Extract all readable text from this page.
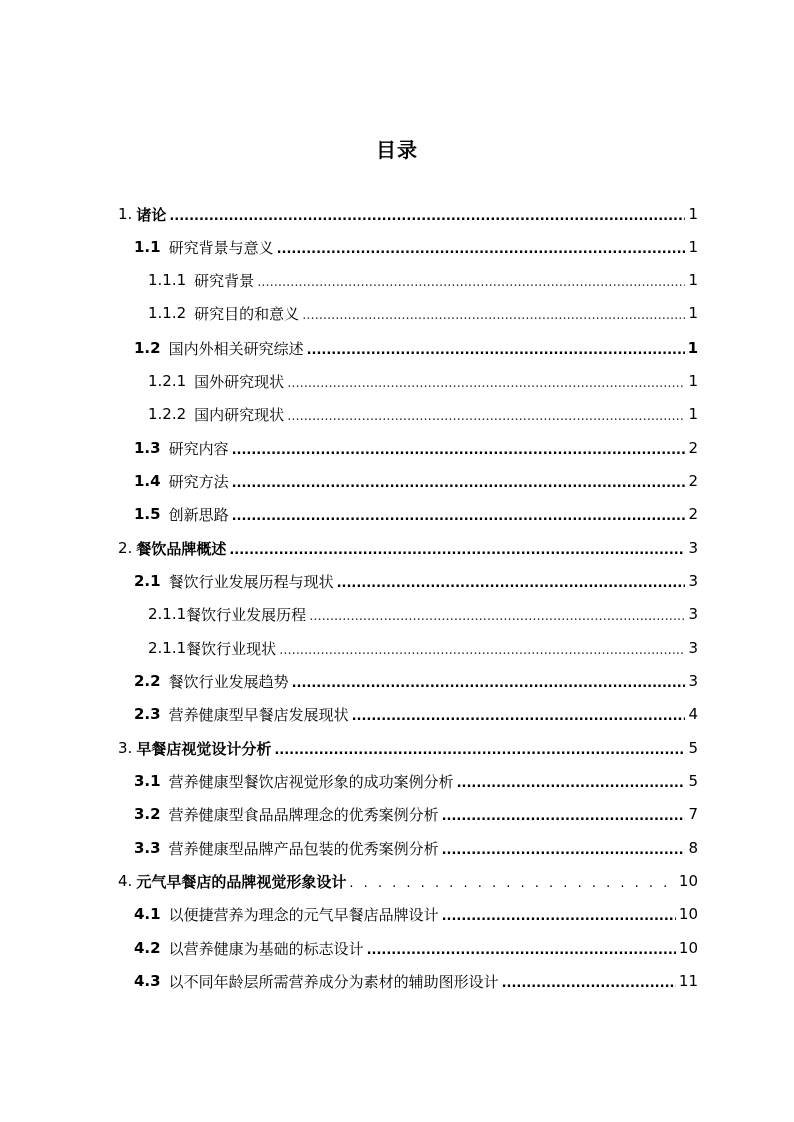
目录
1. 诸论 .....	1
1.1 研究背景与意义 .....	1
1.1.1 研究背景 .....	1
1.1.2 研究目的和意义 .....	1
1.2 国内外相关研究综述 .....	1
1.2.1 国外研究现状 .....	1
1.2.2 国内研究现状 .....	1
1.3 研究内容 .....	2
1.4 研究方法 .....	2
1.5 创新思路 .....	2
2. 餐饮品牌概述 .....	3
2.1 餐饮行业发展历程与现状 .....	3
2.1.1 餐饮行业发展历程 .....	3
2.1.1 餐饮行业现状 .....	3
2.2 餐饮行业发展趋势 .....	3
2.3 营养健康型早餐店发展现状 .....	4
3. 早餐店视觉设计分析 .....	5
3.1 营养健康型餐饮店视觉形象的成功案例分析 .....	5
3.2 营养健康型食品品牌理念的优秀案例分析 .....	7
3.3 营养健康型品牌产品包装的优秀案例分析 .....	8
4. 元气早餐店的品牌视觉形象设计 . . .	10
4.1 以便捷营养为理念的元气早餐店品牌设计 .....	10
4.2 以营养健康为基础的标志设计 .....	10
4.3 以不同年龄层所需营养成分为素材的辅助图形设计 .....	11
